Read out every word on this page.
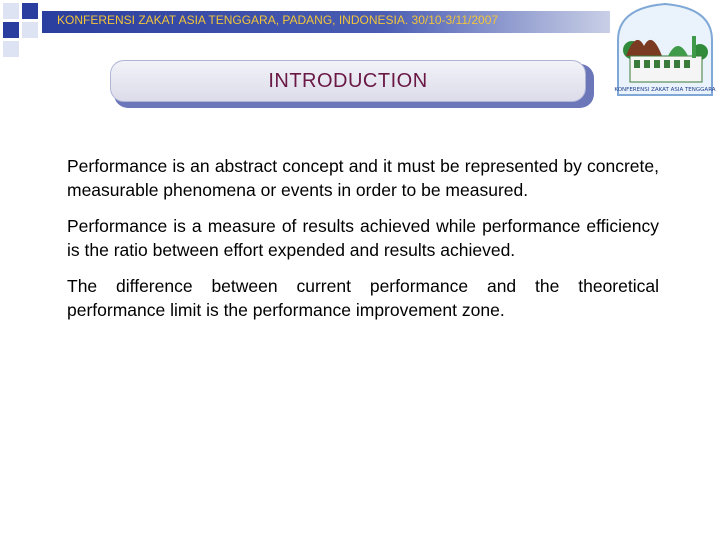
KONFERENSI ZAKAT ASIA TENGGARA, PADANG, INDONESIA. 30/10-3/11/2007
KONFERENSI ZAKAT ASIA TENGGARA
INTRODUCTION

Performance is an abstract concept and it must be represented by concrete, measurable phenomena or events in order to be measured.

Performance is a measure of results achieved while performance efficiency is the ratio between effort expended and results achieved.

The difference between current performance and the theoretical performance limit is the performance improvement zone.
